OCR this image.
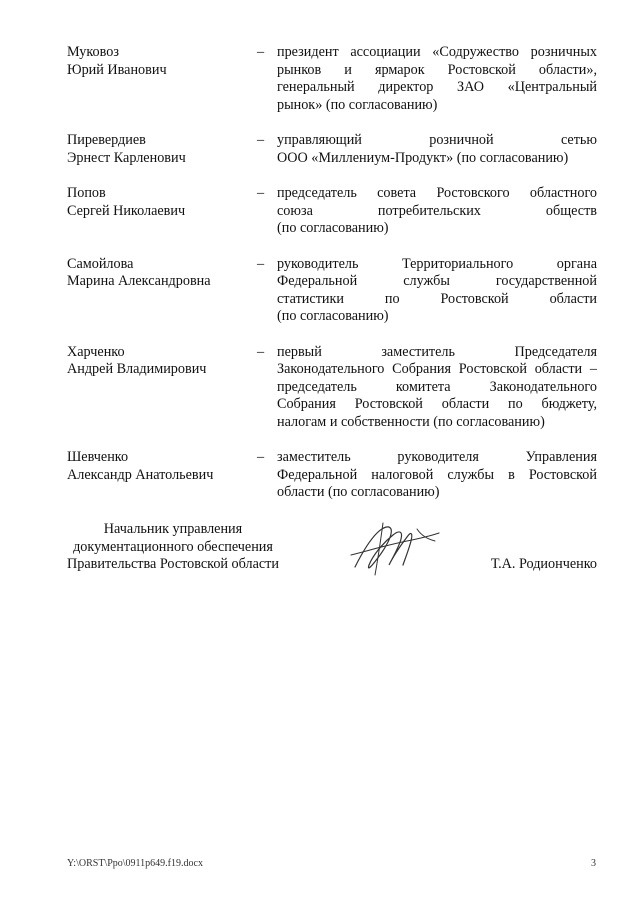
Муковоз
Юрий Иванович
– президент ассоциации «Содружество розничных
рынков и ярмарок Ростовской области»,
генеральный директор ЗАО «Центральный
рынок» (по согласованию)
Пиревердиев
Эрнест Карленович
– управляющий розничной сетью
ООО «Миллениум-Продукт» (по согласованию)
Попов
Сергей Николаевич
– председатель совета Ростовского областного
союза потребительских обществ
(по согласованию)
Самойлова
Марина Александровна
– руководитель Территориального органа
Федеральной службы государственной
статистики по Ростовской области
(по согласованию)
Харченко
Андрей Владимирович
– первый заместитель Председателя
Законодательного Собрания Ростовской области –
председатель комитета Законодательного
Собрания Ростовской области по бюджету,
налогам и собственности (по согласованию)
Шевченко
Александр Анатольевич
– заместитель руководителя Управления
Федеральной налоговой службы в Ростовской
области (по согласованию)
Начальник управления
документационного обеспечения
Правительства Ростовской области	Т.А. Родионченко
Y:\ORST\Ppo\0911p649.f19.docx	3
